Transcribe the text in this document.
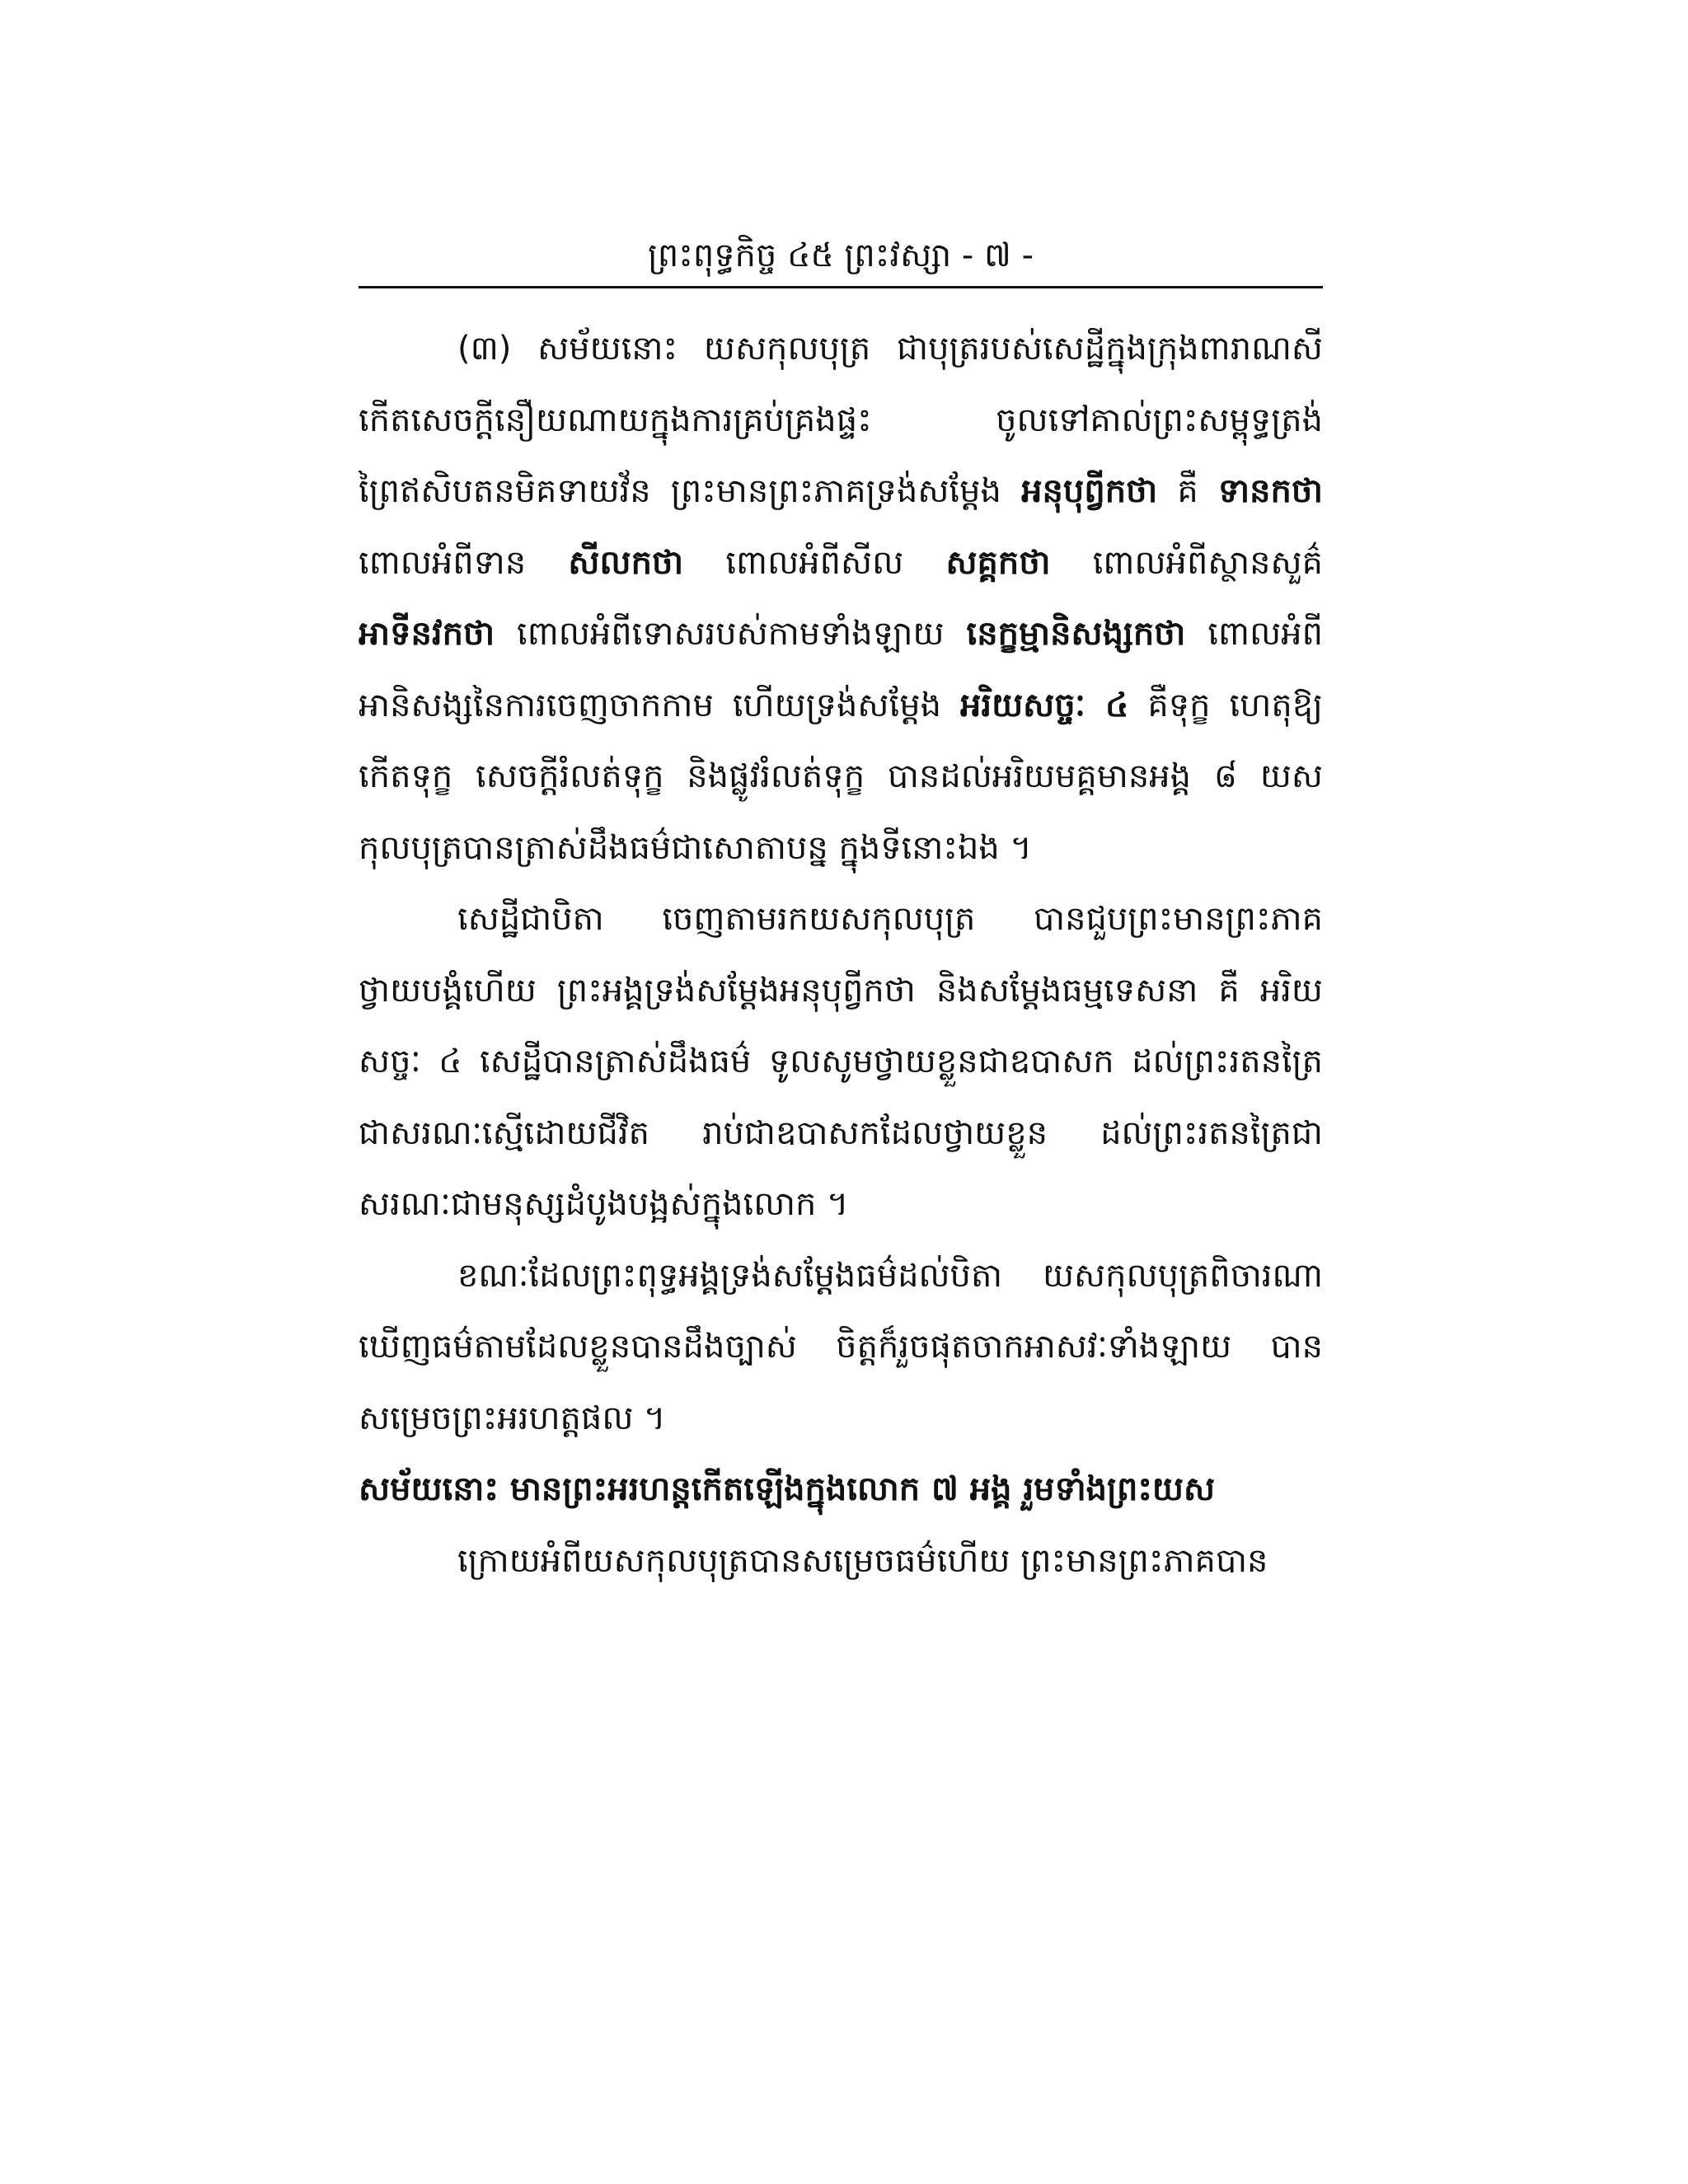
ព្រះពុទ្ធកិច្ច ៤៥ ព្រះវស្សា - ៧ -

(៣) សម័យនោះ យសកុលបុត្រ ជាបុត្ររបស់សេដ្ឋីក្នុងក្រុងពារាណសី កើតសេចក្ដីនឿយណាយក្នុងការគ្រប់គ្រងផ្ទះ ចូលទៅគាល់ព្រះសម្ពុទ្ធត្រង់ព្រៃឥសិបតនមិគទាយវ័ន ព្រះមានព្រះភាគទ្រង់សម្ដែង អនុបុព្វីកថា គឺ ទានកថា ពោលអំពីទាន សីលកថា ពោលអំពីសីល សគ្គកថា ពោលអំពីស្ថានសួគ៌ អាទីនវកថា ពោលអំពីទោសរបស់កាមទាំងឡាយ នេក្ខម្មានិសង្សកថា ពោលអំពីអានិសង្សនៃការចេញចាកកាម ហើយទ្រង់សម្ដែង អរិយសច្ចៈ ៤ គឺទុក្ខ ហេតុឱ្យកើតទុក្ខ សេចក្ដីរំលត់ទុក្ខ និងផ្លូវរំលត់ទុក្ខ បានដល់អរិយមគ្គមានអង្គ ៨ យសកុលបុត្របានត្រាស់ដឹងធម៌ជាសោតាបន្ន ក្នុងទីនោះឯង ។

សេដ្ឋីជាបិតា ចេញតាមរកយសកុលបុត្រ បានជួបព្រះមានព្រះភាគ ថ្វាយបង្គំហើយ ព្រះអង្គទ្រង់សម្ដែងអនុបុព្វីកថា និងសម្ដែងធម្មទេសនា គឺ អរិយសច្ចៈ ៤ សេដ្ឋីបានត្រាស់ដឹងធម៌ ទូលសូមថ្វាយខ្លួនជាឧបាសក ដល់ព្រះរតនត្រៃជាសរណៈស្មើដោយជីវិត រាប់ជាឧបាសកដែលថ្វាយខ្លួន ដល់ព្រះរតនត្រៃជាសរណៈជាមនុស្សដំបូងបង្អស់ក្នុងលោក ។

ខណៈដែលព្រះពុទ្ធអង្គទ្រង់សម្ដែងធម៌ដល់បិតា យសកុលបុត្រពិចារណាឃើញធម៌តាមដែលខ្លួនបានដឹងច្បាស់ ចិត្តក៏រួចផុតចាកអាសវៈទាំងឡាយ បានសម្រេចព្រះអរហត្តផល ។

សម័យនោះ មានព្រះអរហន្តកើតឡើងក្នុងលោក ៧ អង្គ រួមទាំងព្រះយស

ក្រោយអំពីយសកុលបុត្របានសម្រេចធម៌ហើយ ព្រះមានព្រះភាគបាន
